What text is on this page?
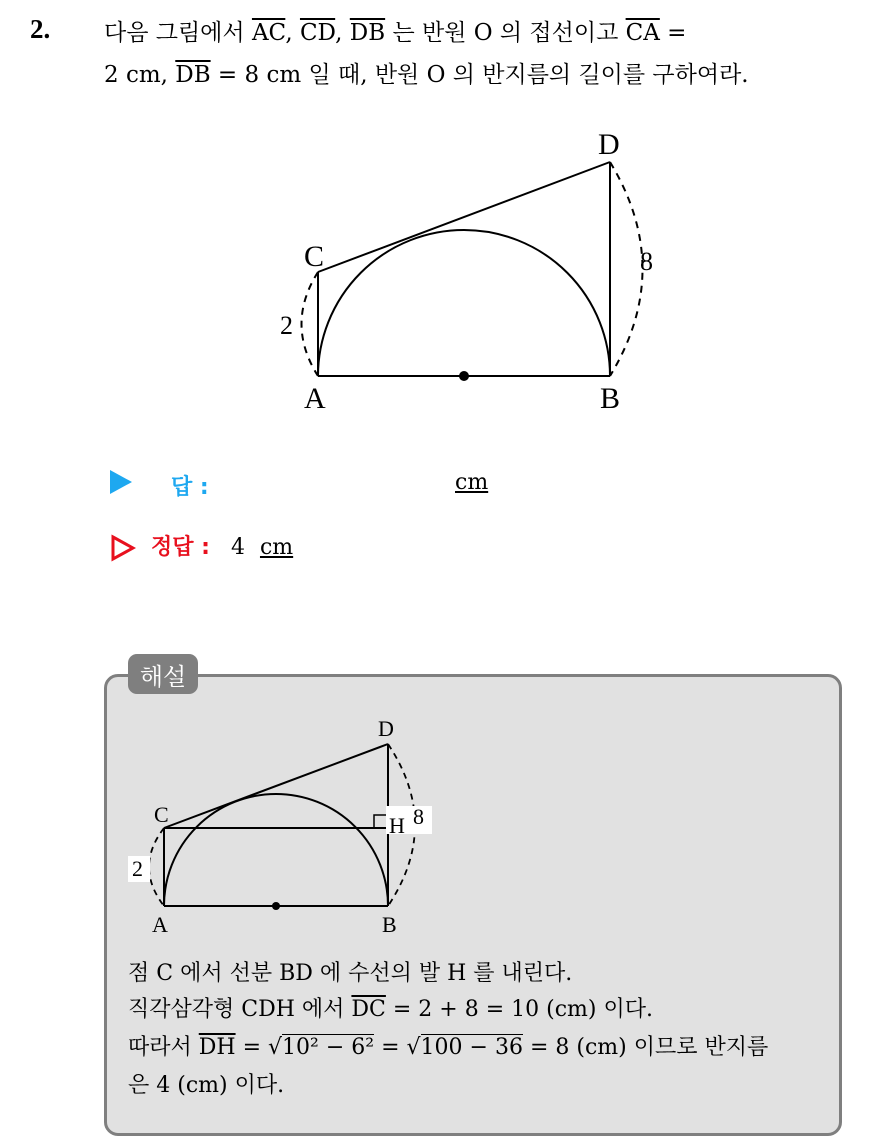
2. 다음 그림에서 $\overline{AC}$, $\overline{CD}$, $\overline{DB}$ 는 반원 O 의 접선이고 $\overline{CA}$ =
2 cm, $\overline{DB} = 8$ cm 일 때, 반원 O 의 반지름의 길이를 구하여라.
C
D
A	B
2
8
답 :	cm
정답 : 4 cm
해설
C
D
A	B
2
H 8
점 C 에서 선분 BD 에 수선의 발 H 를 내린다.
직각삼각형 CDH 에서 $\overline{DC} = 2 + 8 = 10$ (cm) 이다.
따라서 $\overline{DH} = √10^2 - 6^2 = √100 - 36 = 8$ (cm) 이므로 반지름
은 4 (cm) 이다.
